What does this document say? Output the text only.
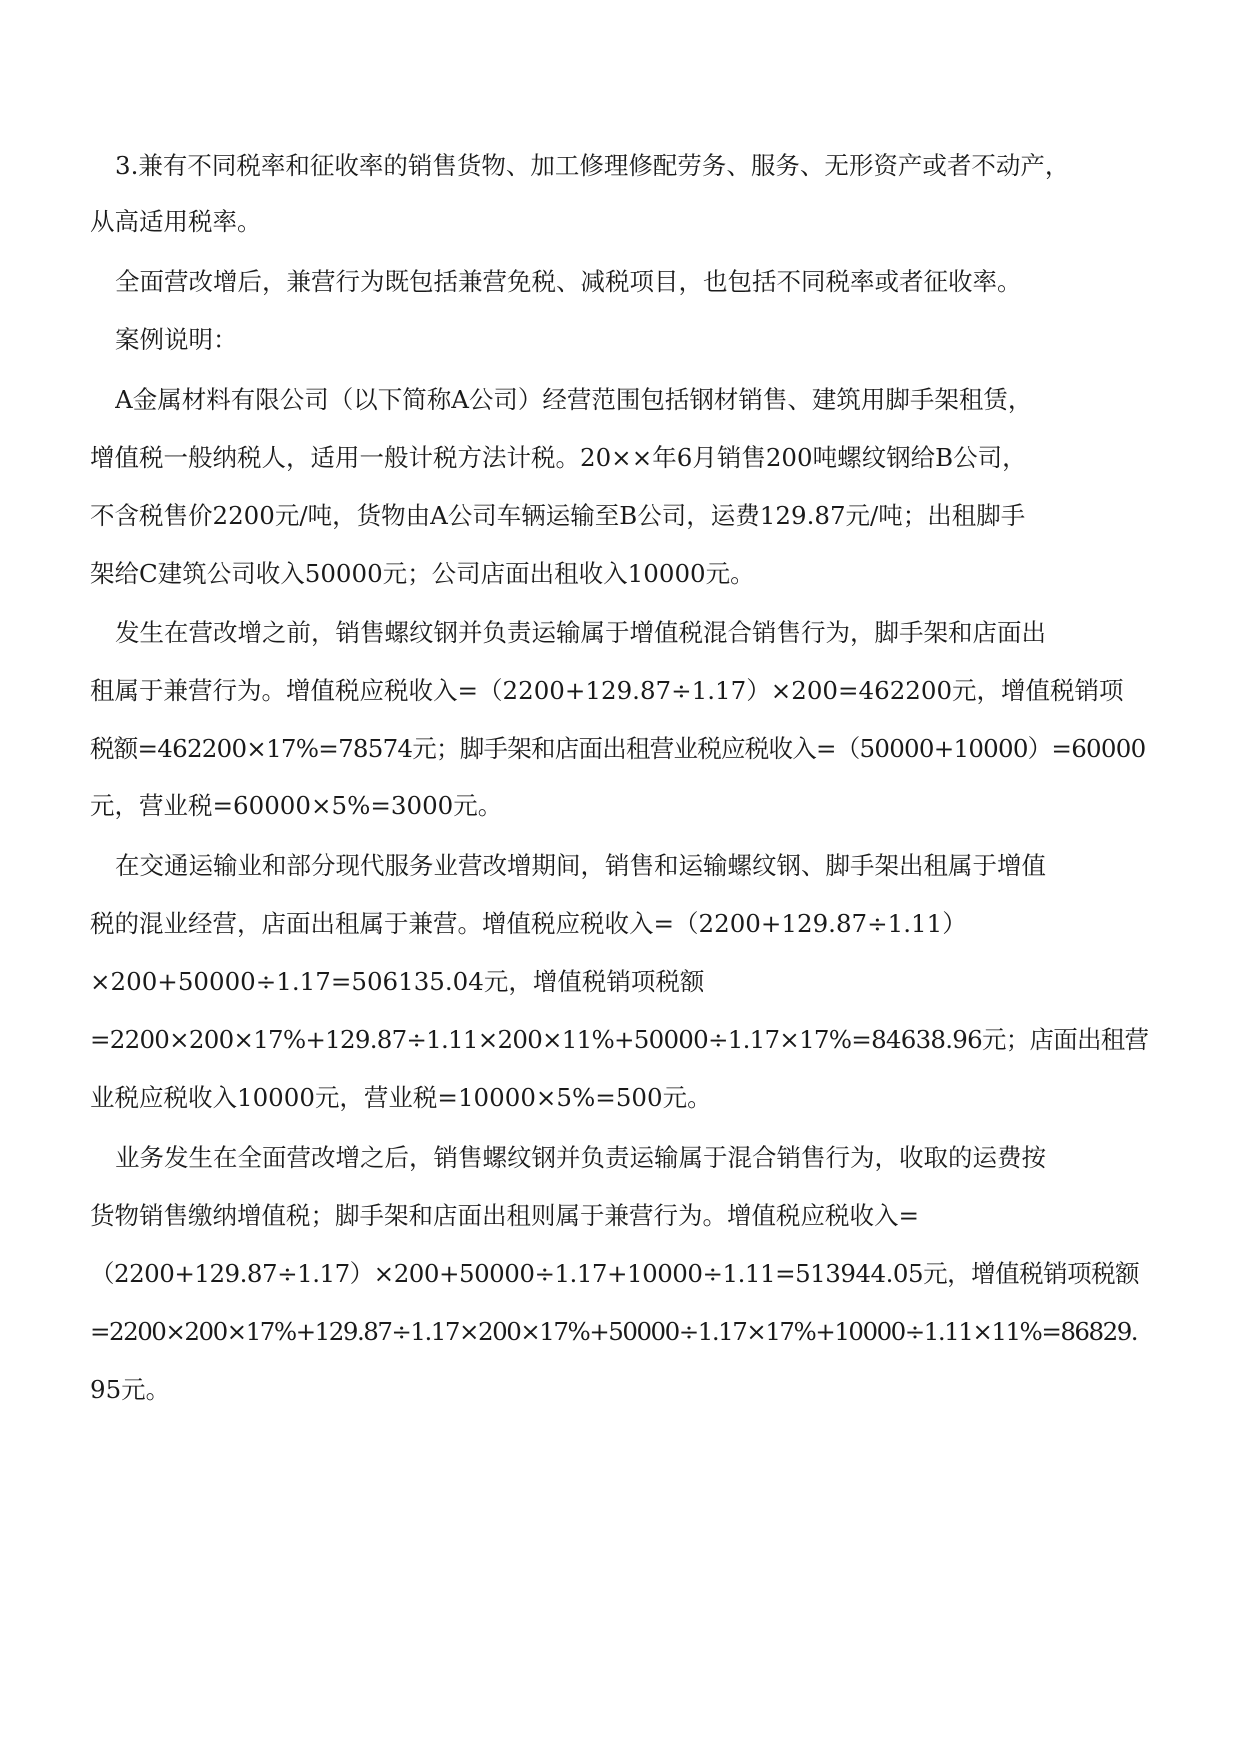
3.兼有不同税率和征收率的销售货物、加工修理修配劳务、服务、无形资产或者不动产，

从高适用税率。

全面营改增后，兼营行为既包括兼营免税、减税项目，也包括不同税率或者征收率。

案例说明：

A金属材料有限公司（以下简称A公司）经营范围包括钢材销售、建筑用脚手架租赁，

增值税一般纳税人，适用一般计税方法计税。20××年6月销售200吨螺纹钢给B公司，

不含税售价2200元/吨，货物由A公司车辆运输至B公司，运费129.87元/吨；出租脚手

架给C建筑公司收入50000元；公司店面出租收入10000元。

发生在营改增之前，销售螺纹钢并负责运输属于增值税混合销售行为，脚手架和店面出

租属于兼营行为。增值税应税收入=（2200+129.87÷1.17）×200=462200元，增值税销项

税额=462200×17%=78574元；脚手架和店面出租营业税应税收入=（50000+10000）=60000

元，营业税=60000×5%=3000元。

在交通运输业和部分现代服务业营改增期间，销售和运输螺纹钢、脚手架出租属于增值

税的混业经营，店面出租属于兼营。增值税应税收入=（2200+129.87÷1.11）

×200+50000÷1.17=506135.04元，增值税销项税额

=2200×200×17%+129.87÷1.11×200×11%+50000÷1.17×17%=84638.96元；店面出租营

业税应税收入10000元，营业税=10000×5%=500元。

业务发生在全面营改增之后，销售螺纹钢并负责运输属于混合销售行为，收取的运费按

货物销售缴纳增值税；脚手架和店面出租则属于兼营行为。增值税应税收入=

（2200+129.87÷1.17）×200+50000÷1.17+10000÷1.11=513944.05元，增值税销项税额

=2200×200×17%+129.87÷1.17×200×17%+50000÷1.17×17%+10000÷1.11×11%=86829.

95元。
